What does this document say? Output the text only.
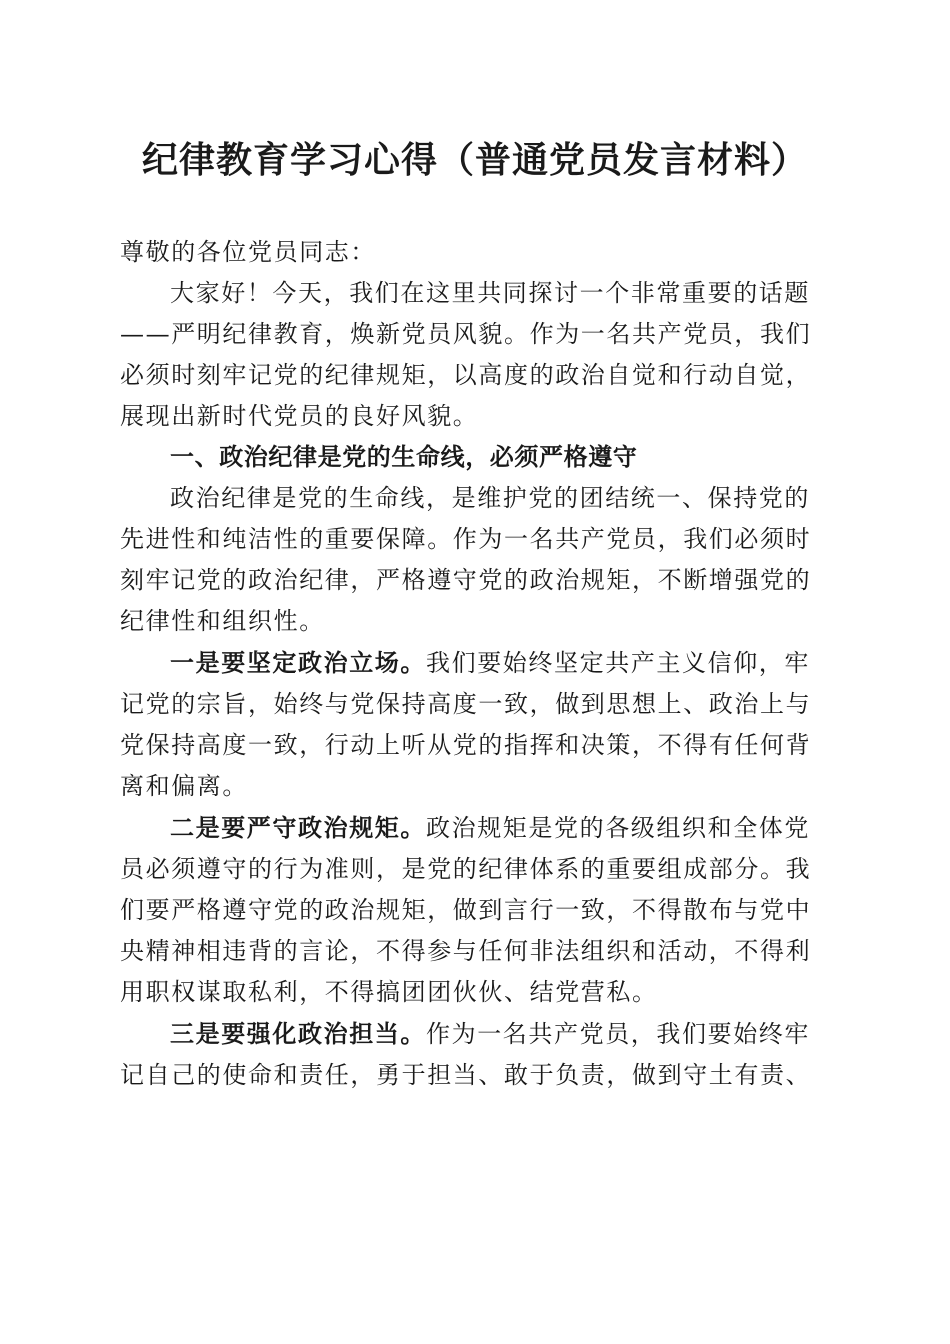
纪律教育学习心得（普通党员发言材料）

尊敬的各位党员同志：

大家好！今天，我们在这里共同探讨一个非常重要的话题——严明纪律教育，焕新党员风貌。作为一名共产党员，我们必须时刻牢记党的纪律规矩，以高度的政治自觉和行动自觉，展现出新时代党员的良好风貌。

一、政治纪律是党的生命线，必须严格遵守

政治纪律是党的生命线，是维护党的团结统一、保持党的先进性和纯洁性的重要保障。作为一名共产党员，我们必须时刻牢记党的政治纪律，严格遵守党的政治规矩，不断增强党的纪律性和组织性。

一是要坚定政治立场。我们要始终坚定共产主义信仰，牢记党的宗旨，始终与党保持高度一致，做到思想上、政治上与党保持高度一致，行动上听从党的指挥和决策，不得有任何背离和偏离。

二是要严守政治规矩。政治规矩是党的各级组织和全体党员必须遵守的行为准则，是党的纪律体系的重要组成部分。我们要严格遵守党的政治规矩，做到言行一致，不得散布与党中央精神相违背的言论，不得参与任何非法组织和活动，不得利用职权谋取私利，不得搞团团伙伙、结党营私。

三是要强化政治担当。作为一名共产党员，我们要始终牢记自己的使命和责任，勇于担当、敢于负责，做到守土有责、
